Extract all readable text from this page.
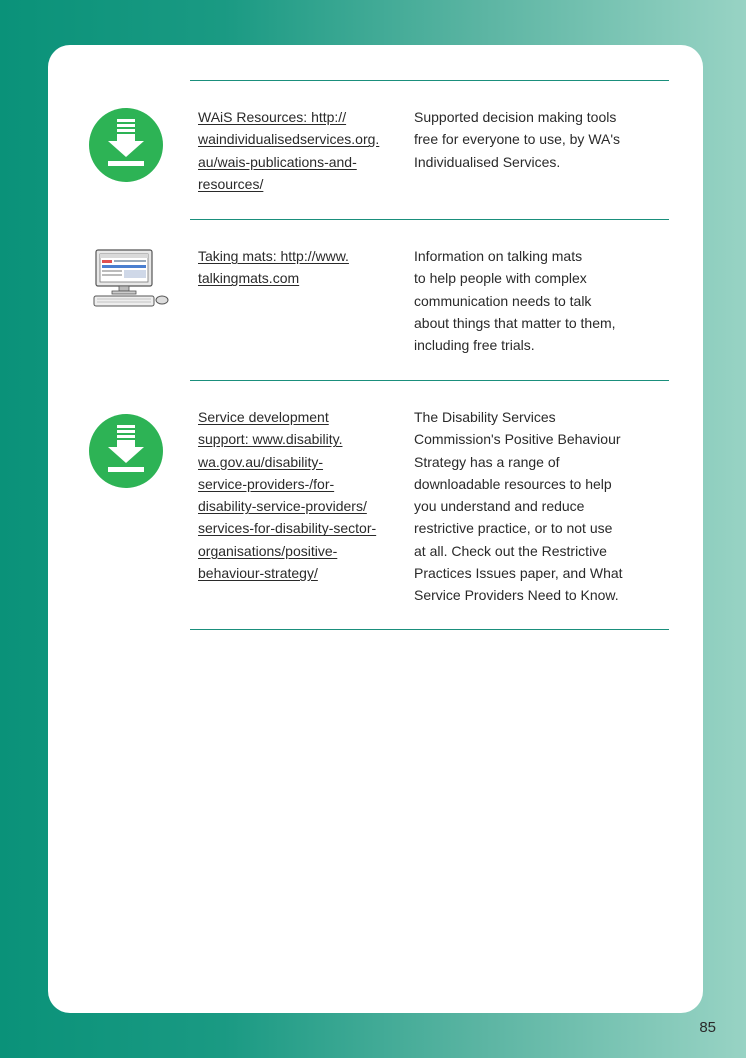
WAiS Resources: http://
waindividualisedservices.org.
au/wais-publications-and-
resources/

Supported decision making tools
free for everyone to use, by WA's
Individualised Services.

Taking mats: http://www.
talkingmats.com

Information on talking mats
to help people with complex
communication needs to talk
about things that matter to them,
including free trials.

Service development
support: www.disability.
wa.gov.au/disability-
service-providers-/for-
disability-service-providers/
services-for-disability-sector-
organisations/positive-
behaviour-strategy/

The Disability Services
Commission's Positive Behaviour
Strategy has a range of
downloadable resources to help
you understand and reduce
restrictive practice, or to not use
at all. Check out the Restrictive
Practices Issues paper, and What
Service Providers Need to Know.

85
